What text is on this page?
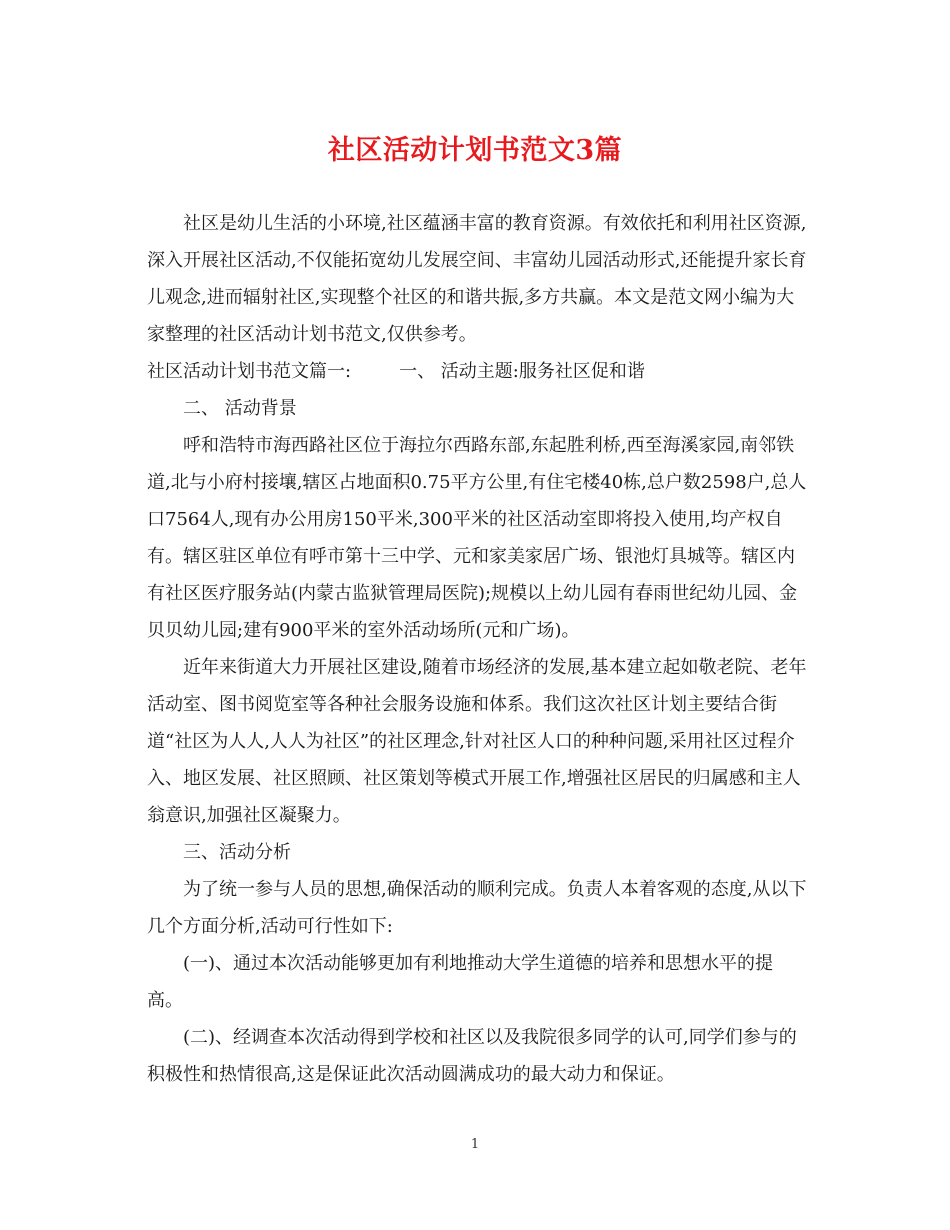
社区活动计划书范文3篇

社区是幼儿生活的小环境,社区蕴涵丰富的教育资源。有效依托和利用社区资源,深入开展社区活动,不仅能拓宽幼儿发展空间、丰富幼儿园活动形式,还能提升家长育儿观念,进而辐射社区,实现整个社区的和谐共振,多方共赢。本文是范文网小编为大家整理的社区活动计划书范文,仅供参考。

社区活动计划书范文篇一:	一、 活动主题:服务社区促和谐

二、 活动背景

呼和浩特市海西路社区位于海拉尔西路东部,东起胜利桥,西至海溪家园,南邻铁道,北与小府村接壤,辖区占地面积0.75平方公里,有住宅楼40栋,总户数2598户,总人口7564人,现有办公用房150平米,300平米的社区活动室即将投入使用,均产权自有。辖区驻区单位有呼市第十三中学、元和家美家居广场、银池灯具城等。辖区内有社区医疗服务站(内蒙古监狱管理局医院);规模以上幼儿园有春雨世纪幼儿园、金贝贝幼儿园;建有900平米的室外活动场所(元和广场)。

近年来街道大力开展社区建设,随着市场经济的发展,基本建立起如敬老院、老年活动室、图书阅览室等各种社会服务设施和体系。我们这次社区计划主要结合街道“社区为人人,人人为社区”的社区理念,针对社区人口的种种问题,采用社区过程介入、地区发展、社区照顾、社区策划等模式开展工作,增强社区居民的归属感和主人翁意识,加强社区凝聚力。

三、活动分析

为了统一参与人员的思想,确保活动的顺利完成。负责人本着客观的态度,从以下几个方面分析,活动可行性如下:

(一)、通过本次活动能够更加有利地推动大学生道德的培养和思想水平的提高。

(二)、经调查本次活动得到学校和社区以及我院很多同学的认可,同学们参与的积极性和热情很高,这是保证此次活动圆满成功的最大动力和保证。

1
